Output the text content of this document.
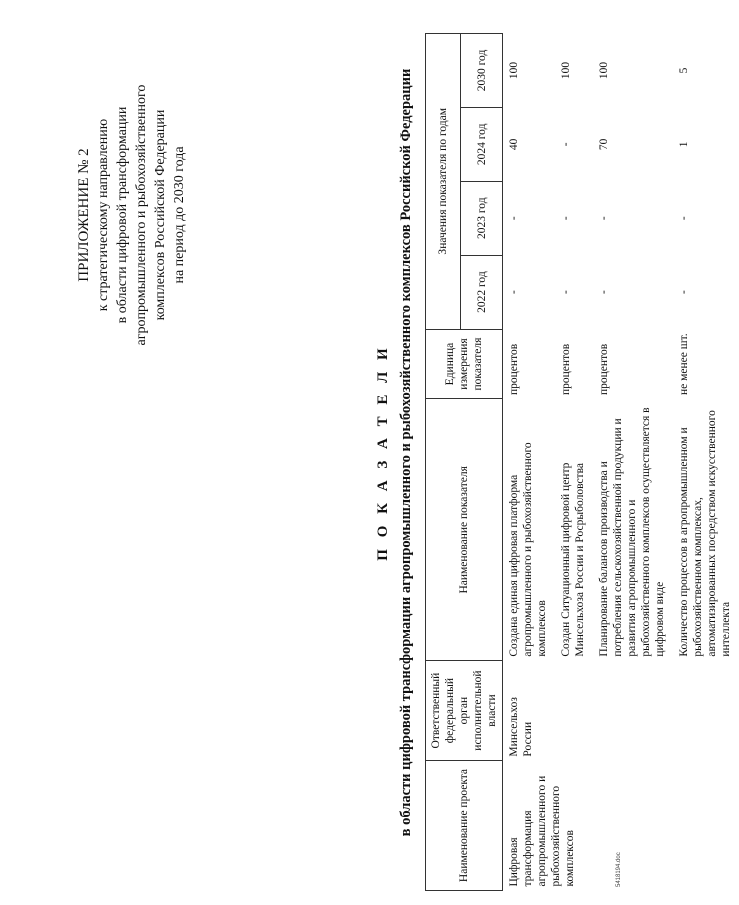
ПРИЛОЖЕНИЕ № 2 к стратегическому направлению в области цифровой трансформации агропромышленного и рыбохозяйственного комплексов Российской Федерации на период до 2030 года
П О К А З А Т Е Л И в области цифровой трансформации агропромышленного и рыбохозяйственного комплексов Российской Федерации	Наименование проекта	Ответственный федеральный орган исполнительной власти	Наименование показателя	Единица измерения показателя	Значения показателя по годам			
				2022 год	2023 год	2024 год	2030 год
Цифровая трансформация агропромышленного и рыбохозяйственного комплексов	Минсельхоз России	Создана единая цифровая платформа агропромышленного и рыбохозяйственного комплексов	процентов	-	-	40	100
		Создан Ситуационный цифровой центр Минсельхоза России и Росрыболовства	процентов	-	-	-	100
		Планирование балансов производства и потребления сельскохозяйственной продукции и развития агропромышленного и рыбохозяйственного комплексов осуществляется в цифровом виде	процентов	-	-	70	100
		Количество процессов в агропромышленном и рыбохозяйственном комплексах, автоматизированных посредством искусственного интеллекта	не менее шт.	-	-	1	5
5418194.doc
